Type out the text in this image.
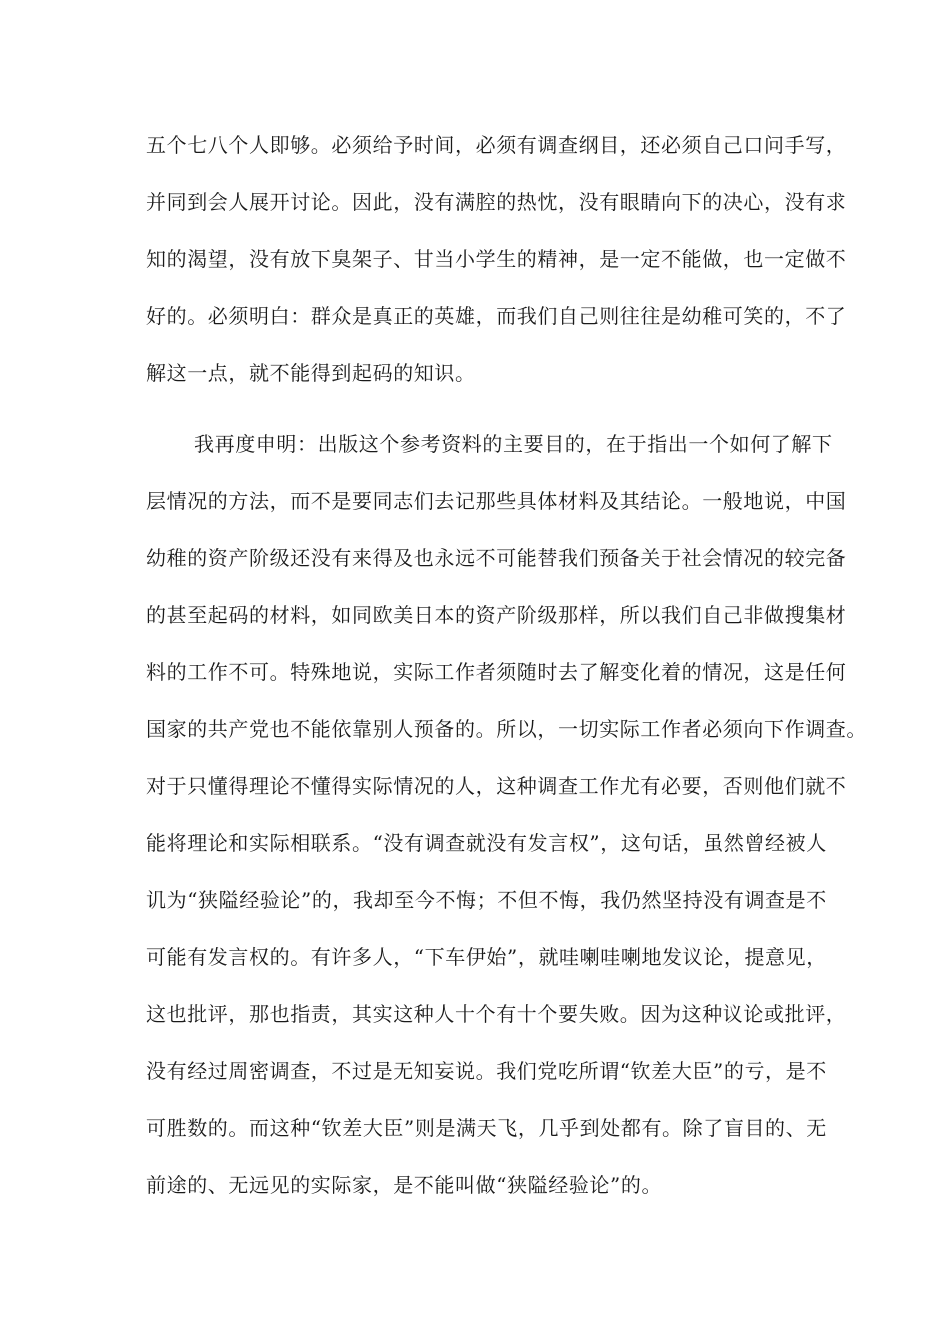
五个七八个人即够。必须给予时间，必须有调查纲目，还必须自己口问手写，
并同到会人展开讨论。因此，没有满腔的热忱，没有眼睛向下的决心，没有求
知的渴望，没有放下臭架子、甘当小学生的精神，是一定不能做，也一定做不
好的。必须明白：群众是真正的英雄，而我们自己则往往是幼稚可笑的，不了
解这一点，就不能得到起码的知识。
我再度申明：出版这个参考资料的主要目的，在于指出一个如何了解下
层情况的方法，而不是要同志们去记那些具体材料及其结论。一般地说，中国
幼稚的资产阶级还没有来得及也永远不可能替我们预备关于社会情况的较完备
的甚至起码的材料，如同欧美日本的资产阶级那样，所以我们自己非做搜集材
料的工作不可。特殊地说，实际工作者须随时去了解变化着的情况，这是任何
国家的共产党也不能依靠别人预备的。所以，一切实际工作者必须向下作调查。
对于只懂得理论不懂得实际情况的人，这种调查工作尤有必要，否则他们就不
能将理论和实际相联系。“没有调查就没有发言权”，这句话，虽然曾经被人
讥为“狭隘经验论”的，我却至今不悔；不但不悔，我仍然坚持没有调查是不
可能有发言权的。有许多人，“下车伊始”，就哇喇哇喇地发议论，提意见，
这也批评，那也指责，其实这种人十个有十个要失败。因为这种议论或批评，
没有经过周密调查，不过是无知妄说。我们党吃所谓“钦差大臣”的亏，是不
可胜数的。而这种“钦差大臣”则是满天飞，几乎到处都有。除了盲目的、无
前途的、无远见的实际家，是不能叫做“狭隘经验论”的。
